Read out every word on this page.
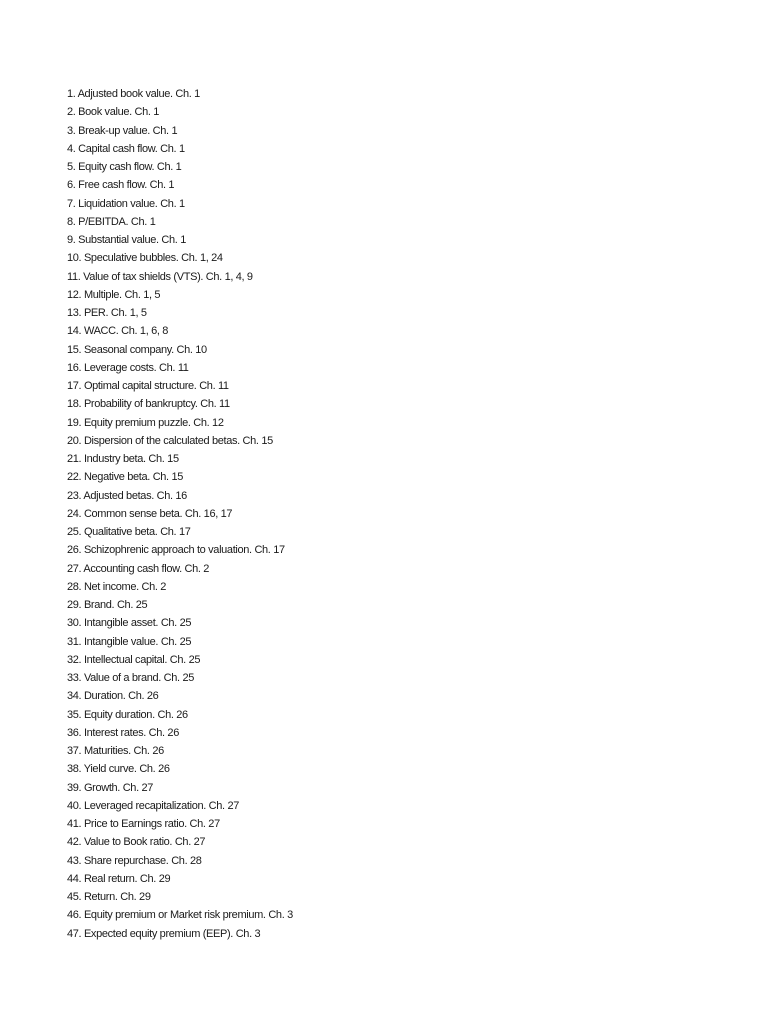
1. Adjusted book value. Ch. 1
2. Book value. Ch. 1
3. Break-up value. Ch. 1
4. Capital cash flow. Ch. 1
5. Equity cash flow. Ch. 1
6. Free cash flow. Ch. 1
7. Liquidation value. Ch. 1
8. P/EBITDA. Ch. 1
9. Substantial value. Ch. 1
10. Speculative bubbles. Ch. 1, 24
11. Value of tax shields (VTS). Ch. 1, 4, 9
12. Multiple. Ch. 1, 5
13. PER. Ch. 1, 5
14. WACC. Ch. 1, 6, 8
15. Seasonal company. Ch. 10
16. Leverage costs. Ch. 11
17. Optimal capital structure. Ch. 11
18. Probability of bankruptcy. Ch. 11
19. Equity premium puzzle. Ch. 12
20. Dispersion of the calculated betas. Ch. 15
21. Industry beta. Ch. 15
22. Negative beta. Ch. 15
23. Adjusted betas. Ch. 16
24. Common sense beta. Ch. 16, 17
25. Qualitative beta. Ch. 17
26. Schizophrenic approach to valuation. Ch. 17
27. Accounting cash flow. Ch. 2
28. Net income. Ch. 2
29. Brand. Ch. 25
30. Intangible asset. Ch. 25
31. Intangible value. Ch. 25
32. Intellectual capital. Ch. 25
33. Value of a brand. Ch. 25
34. Duration. Ch. 26
35. Equity duration. Ch. 26
36. Interest rates. Ch. 26
37. Maturities. Ch. 26
38. Yield curve. Ch. 26
39. Growth. Ch. 27
40. Leveraged recapitalization. Ch. 27
41. Price to Earnings ratio. Ch. 27
42. Value to Book ratio. Ch. 27
43. Share repurchase. Ch. 28
44. Real return. Ch. 29
45. Return. Ch. 29
46. Equity premium or Market risk premium. Ch. 3
47. Expected equity premium (EEP). Ch. 3
